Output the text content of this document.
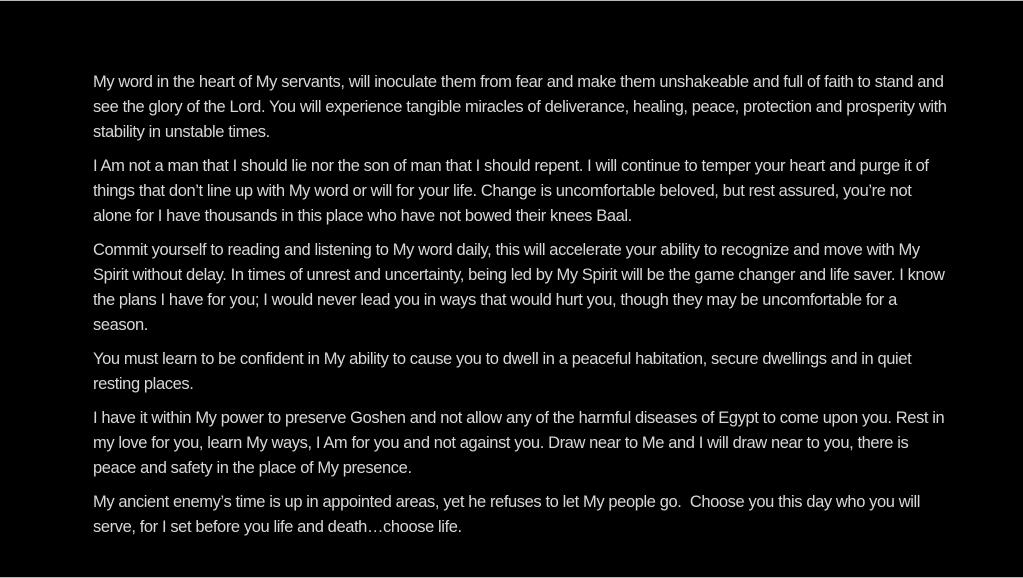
My word in the heart of My servants, will inoculate them from fear and make them unshakeable and full of faith to stand and see the glory of the Lord. You will experience tangible miracles of deliverance, healing, peace, protection and prosperity with stability in unstable times.

I Am not a man that I should lie nor the son of man that I should repent. I will continue to temper your heart and purge it of things that don’t line up with My word or will for your life. Change is uncomfortable beloved, but rest assured, you’re not alone for I have thousands in this place who have not bowed their knees Baal.

Commit yourself to reading and listening to My word daily, this will accelerate your ability to recognize and move with My Spirit without delay. In times of unrest and uncertainty, being led by My Spirit will be the game changer and life saver. I know the plans I have for you; I would never lead you in ways that would hurt you, though they may be uncomfortable for a season.

You must learn to be confident in My ability to cause you to dwell in a peaceful habitation, secure dwellings and in quiet resting places.

I have it within My power to preserve Goshen and not allow any of the harmful diseases of Egypt to come upon you. Rest in my love for you, learn My ways, I Am for you and not against you. Draw near to Me and I will draw near to you, there is peace and safety in the place of My presence.

My ancient enemy’s time is up in appointed areas, yet he refuses to let My people go.  Choose you this day who you will serve, for I set before you life and death…choose life.
